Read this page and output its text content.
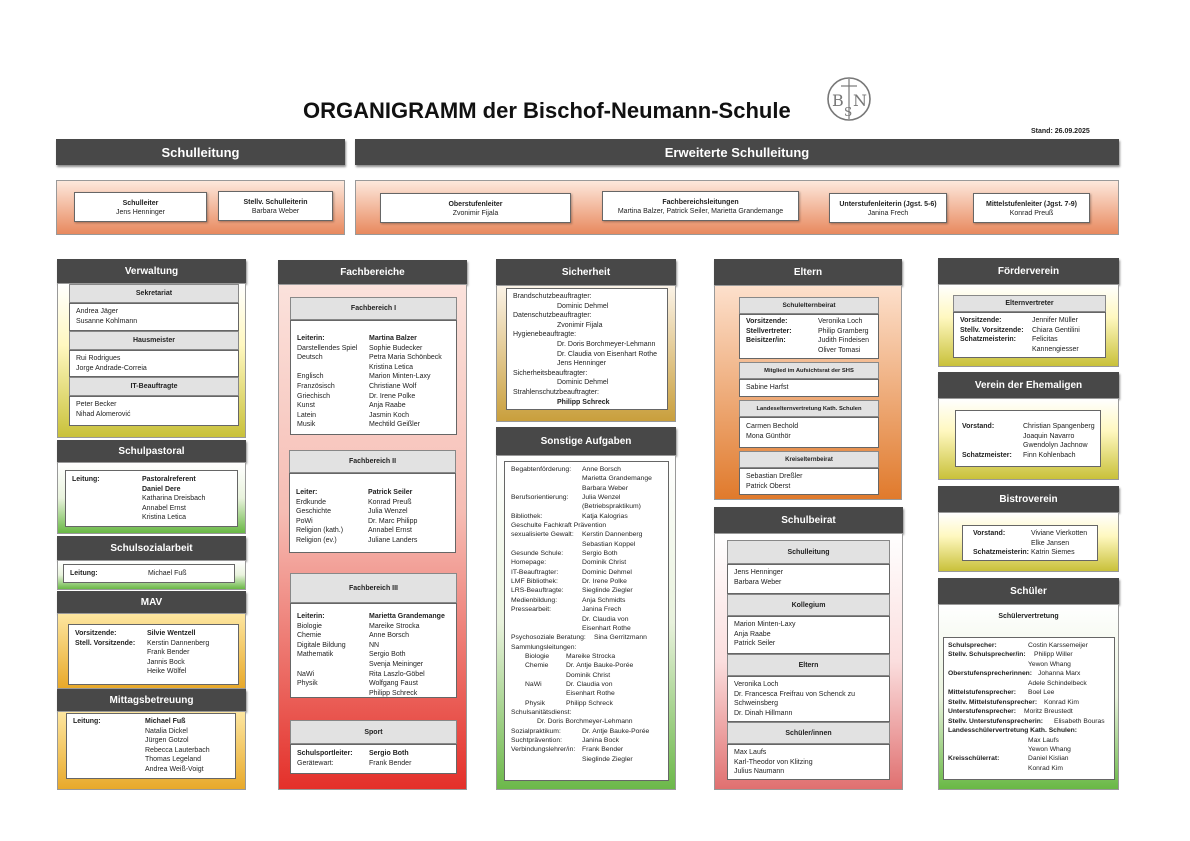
ORGANIGRAMM der Bischof-Neumann-Schule	B N
S
Stand: 26.09.2025
Schulleitung	Erweiterte Schulleitung
Schulleiter
Jens Henninger
Stellv. Schulleiterin
Barbara Weber
Oberstufenleiter
Zvonimir Fijala
Fachbereichsleitungen
Martina Balzer, Patrick Seiler, Marietta Grandemange
Unterstufenleiterin (Jgst. 5-6)
Janina Frech
Mittelstufenleiter (Jgst. 7-9)
Konrad Preuß
Verwaltung
Sekretariat
Andrea Jäger
Susanne Kohlmann
Hausmeister
Rui Rodrigues
Jorge Andrade-Correia
IT-Beauftragte
Peter Becker
Nihad Alomerović
Schulpastoral
Leitung:	Pastoralreferent
Daniel Dere
Katharina Dreisbach
Annabel Ernst
Kristina Letica
Schulsozialarbeit
Leitung:	Michael Fuß
MAV
Vorsitzende:	Silvie Wentzell
Stell. Vorsitzende:	Kerstin Dannenberg
Frank Bender
Jannis Bock
Heike Wölfel
Mittagsbetreuung
Leitung:	Michael Fuß
Natalia Dickel
Jürgen Gotzol
Rebecca Lauterbach
Thomas Legeland
Andrea Weiß-Voigt
Fachbereiche
Fachbereich I
Leiterin:	Martina Balzer
Darstellendes Spiel	Sophie Budecker
Deutsch	Petra Maria Schönbeck
Kristina Letica
Englisch	Marion Minten-Laxy
Französisch	Christiane Wolf
Griechisch	Dr. Irene Polke
Kunst	Anja Raabe
Latein	Jasmin Koch
Musik	Mechtild Geißler
Fachbereich II
Leiter:	Patrick Seiler
Erdkunde	Konrad Preuß
Geschichte	Julia Wenzel
PoWi	Dr. Marc Philipp
Religion (kath.)	Annabel Ernst
Religion (ev.)	Juliane Landers
Fachbereich III
Leiterin:	Marietta Grandemange
Biologie	Mareike Strocka
Chemie	Anne Borsch
Digitale Bildung	NN
Mathematik	Sergio Both
Svenja Meininger
NaWi	Rita Laszlo-Göbel
Physik	Wolfgang Faust
Philipp Schreck
Sport
Schulsportleiter:	Sergio Both
Gerätewart:	Frank Bender
Sicherheit
Brandschutzbeauftragter:
Dominic Dehmel
Datenschutzbeauftragter:
Zvonimir Fijala
Hygienebeauftragte:
Dr. Doris Borchmeyer-Lehmann
Dr. Claudia von Eisenhart Rothe
Jens Henninger
Sicherheitsbeauftragter:
Dominic Dehmel
Strahlenschutzbeauftragter:
Philipp Schreck
Sonstige Aufgaben
Begabtenförderung:	Anne Borsch
Marietta Grandemange
Barbara Weber
Berufsorientierung:	Julia Wenzel
(Betriebspraktikum)
Bibliothek:	Katja Kalogrias
Geschulte Fachkraft Prävention
sexualisierte Gewalt:	Kerstin Dannenberg
Sebastian Koppel
Gesunde Schule:	Sergio Both
Homepage:	Dominik Christ
IT-Beauftragter:	Dominic Dehmel
LMF Bibliothek:	Dr. Irene Polke
LRS-Beauftragte:	Sieglinde Ziegler
Medienbildung:	Anja Schmidts
Pressearbeit:	Janina Frech
Dr. Claudia von
Eisenhart Rothe
Psychosoziale Beratung:	Sina Gerritzmann
Sammlungsleitungen:
Biologie	Mareike Strocka
Chemie	Dr. Antje Bauke-Porée
Dominik Christ
NaWi	Dr. Claudia von
Eisenhart Rothe
Physik	Philipp Schreck
Schulsanitätsdienst:
Dr. Doris Borchmeyer-Lehmann
Sozialpraktikum:	Dr. Antje Bauke-Porée
Suchtprävention:	Janina Bock
Verbindungslehrer/in: Frank Bender
Sieglinde Ziegler
Eltern
Schulelternbeirat
Vorsitzende:	Veronika Loch
Stellvertreter:	Philip Gramberg
Beisitzer/in:	Judith Findeisen
Oliver Tomasi
Mitglied im Aufsichtsrat der SHS
Sabine Harfst
Landeselternvertretung Kath. Schulen
Carmen Bechold
Mona Günthör
Kreiselternbeirat
Sebastian Dreßler
Patrick Oberst
Schulbeirat
Schulleitung
Jens Henninger
Barbara Weber
Kollegium
Marion Minten-Laxy
Anja Raabe
Patrick Seiler
Eltern
Veronika Loch
Dr. Francesca Freifrau von Schenck zu
Schweinsberg
Dr. Dinah Hillmann
Schüler/innen
Max Laufs
Karl-Theodor von Klitzing
Julius Naumann
Förderverein
Elternvertreter
Vorsitzende:	Jennifer Müller
Stellv. Vorsitzende:	Chiara Gentilini
Schatzmeisterin:	Felicitas
Kannengiesser
Verein der Ehemaligen
Vorstand:	Christian Spangenberg
Joaquin Navarro
Gwendolyn Jachnow
Schatzmeister:	Finn Kohlenbach
Bistroverein
Vorstand:	Viviane Vierkotten
Elke Jansen
Schatzmeisterin: Katrin Siemes
Schüler
Schülervertretung
Schulsprecher:	Costin Karssemeijer
Stellv. Schulsprecher/in:	Philipp Willer
Yewon Whang
Oberstufensprecherinnen: Johanna Marx
Adele Schindelbeck
Mittelstufensprecher:	Boel Lee
Stellv. Mittelstufensprecher:	Konrad Kim
Unterstufensprecher:	Moritz Breustedt
Stellv. Unterstufensprecherin:	Elisabeth Bouras
Landesschülervertretung Kath. Schulen:
Max Laufs
Yewon Whang
Kreisschülerrat:	Daniel Kislian
Konrad Kim
